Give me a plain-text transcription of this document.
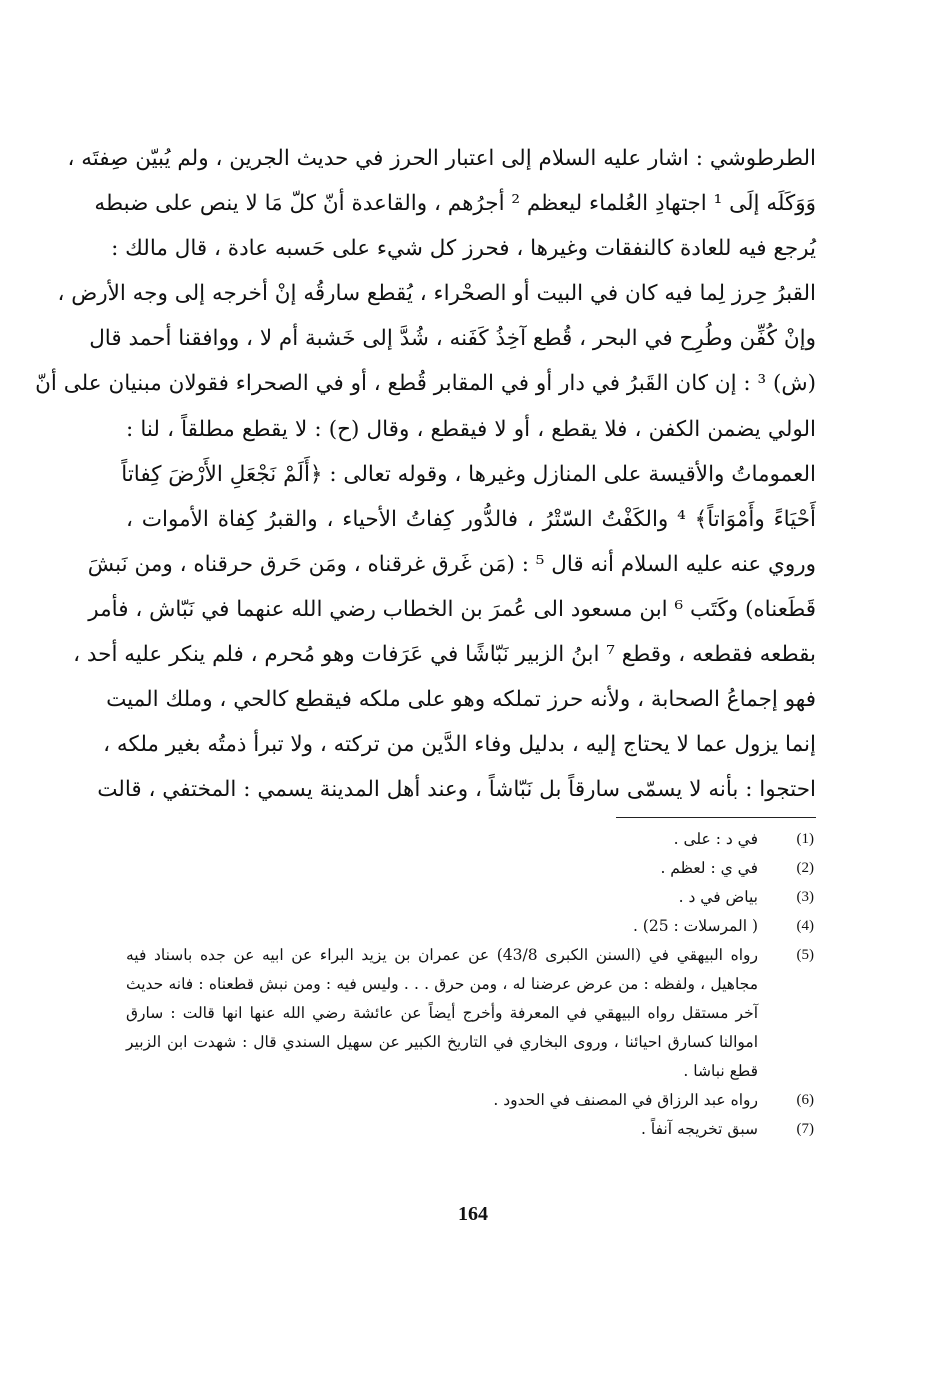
الطرطوشي : اشار عليه السلام إلى اعتبار الحرز في حديث الجرين ، ولم يُبيّن صِفتَه ،
وَوَكَلَه إلَى ¹ اجتهادِ العُلماء ليعظم ² أجرُهم ، والقاعدة أنّ كلّ مَا لا ينص على ضبطه
يُرجع فيه للعادة كالنفقات وغيرها ، فحرز كل شيء على حَسبه عادة ، قال مالك :
القبرُ حِرز لِما فيه كان في البيت أو الصحْراء ، يُقطع سارقُه إنْ أخرجه إلى وجه الأرض ،
وإنْ كُفِّن وطُرِح في البحر ، قُطع آخِذُ كَفَنه ، شُدَّ إلى خَشبة أم لا ، ووافقنا أحمد قال
(ش) ³ : إن كان القَبرُ في دار أو في المقابر قُطع ، أو في الصحراء فقولان مبنيان على أنّ
الولي يضمن الكفن ، فلا يقطع ، أو لا فيقطع ، وقال (ح) : لا يقطع مطلقاً ، لنا :
العموماتُ والأقيسة على المنازل وغيرها ، وقوله تعالى : ﴿أَلَمْ نَجْعَلِ الأَرْضَ كِفاتاً
أَحْيَاءً وأَمْوَاتاً﴾ ⁴ والكَفْتُ السّتْرُ ، فالدُّور كِفاتُ الأحياء ، والقبرُ كِفاة الأموات ،
وروي عنه عليه السلام أنه قال ⁵ : (مَن غَرق غرقناه ، ومَن حَرق حرقناه ، ومن نَبشَ
قَطَعناه) وكَتَب ⁶ ابن مسعود الى عُمرَ بن الخطاب رضي الله عنهما في نَبّاش ، فأمر
بقطعه فقطعه ، وقطع ⁷ ابنُ الزبير نَبّاشًا في عَرَفات وهو مُحرم ، فلم ينكر عليه أحد ،
فهو إجماعُ الصحابة ، ولأنه حرز تملكه وهو على ملكه فيقطع كالحي ، وملك الميت
إنما يزول عما لا يحتاج إليه ، بدليل وفاء الدَّين من تركته ، ولا تبرأ ذمتُه بغير ملكه ،
احتجوا : بأنه لا يسمّى سارقاً بل نَبّاشاً ، وعند أهل المدينة يسمي : المختفي ، قالت
(1)
في د : على .
(2)
في ي : لعظم .
(3)
بياض في د .
(4)
( المرسلات : 25) .
(5)
رواه البيهقي في (السنن الكبرى 43/8) عن عمران بن يزيد البراء عن ابيه عن جده باسناد فيه مجاهيل ، ولفظه : من عرض عرضنا له ، ومن حرق . . . وليس فيه : ومن نبش قطعناه : فانه حديث آخر مستقل رواه البيهقي في المعرفة وأخرج أيضاً عن عائشة رضي الله عنها انها قالت : سارق اموالنا كسارق احيائنا ، وروى البخاري في التاريخ الكبير عن سهيل السندي قال : شهدت ابن الزبير قطع نباشا .
(6)
رواه عبد الرزاق في المصنف في الحدود .
(7)
سبق تخريجه آنفاً .
164
